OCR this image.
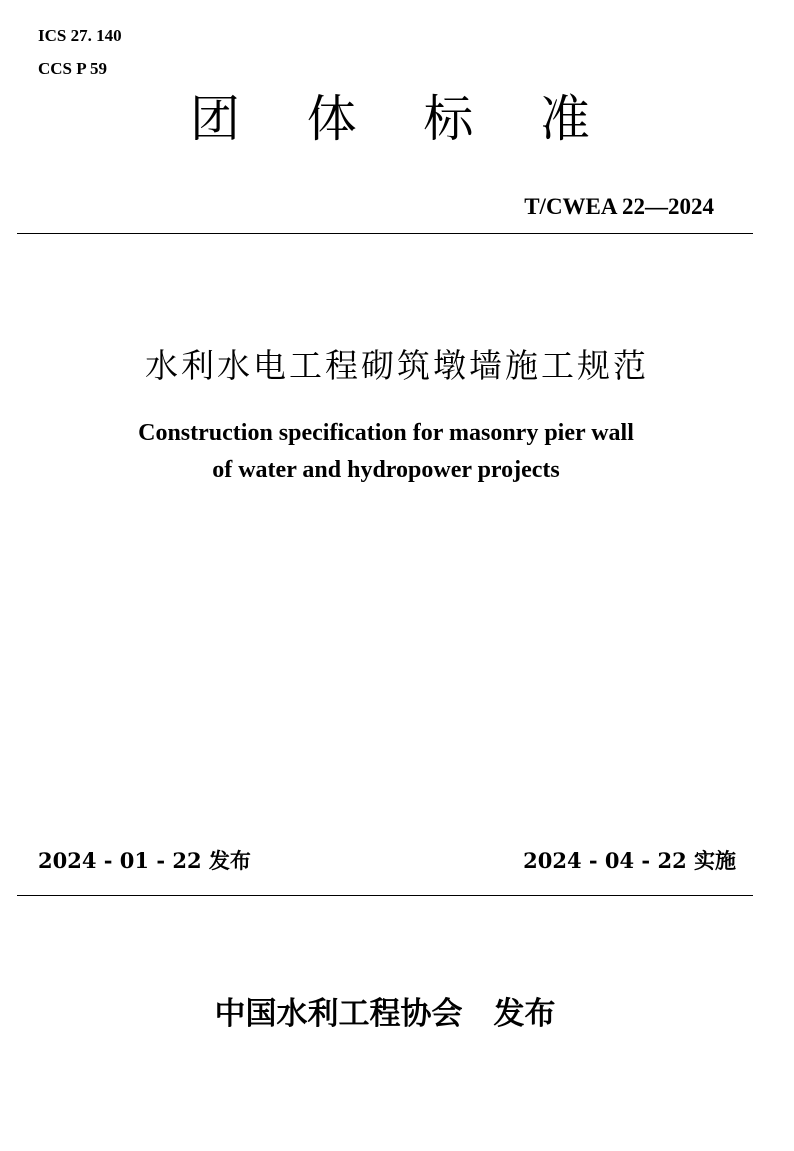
ICS 27. 140
CCS P 59
团 体 标 准
T/CWEA 22—2024
水利水电工程砌筑墩墙施工规范
Construction specification for masonry pier wall
of water and hydropower projects
2024 - 01 - 22 发布	2024 - 04 - 22 实施
中国水利工程协会　发布
